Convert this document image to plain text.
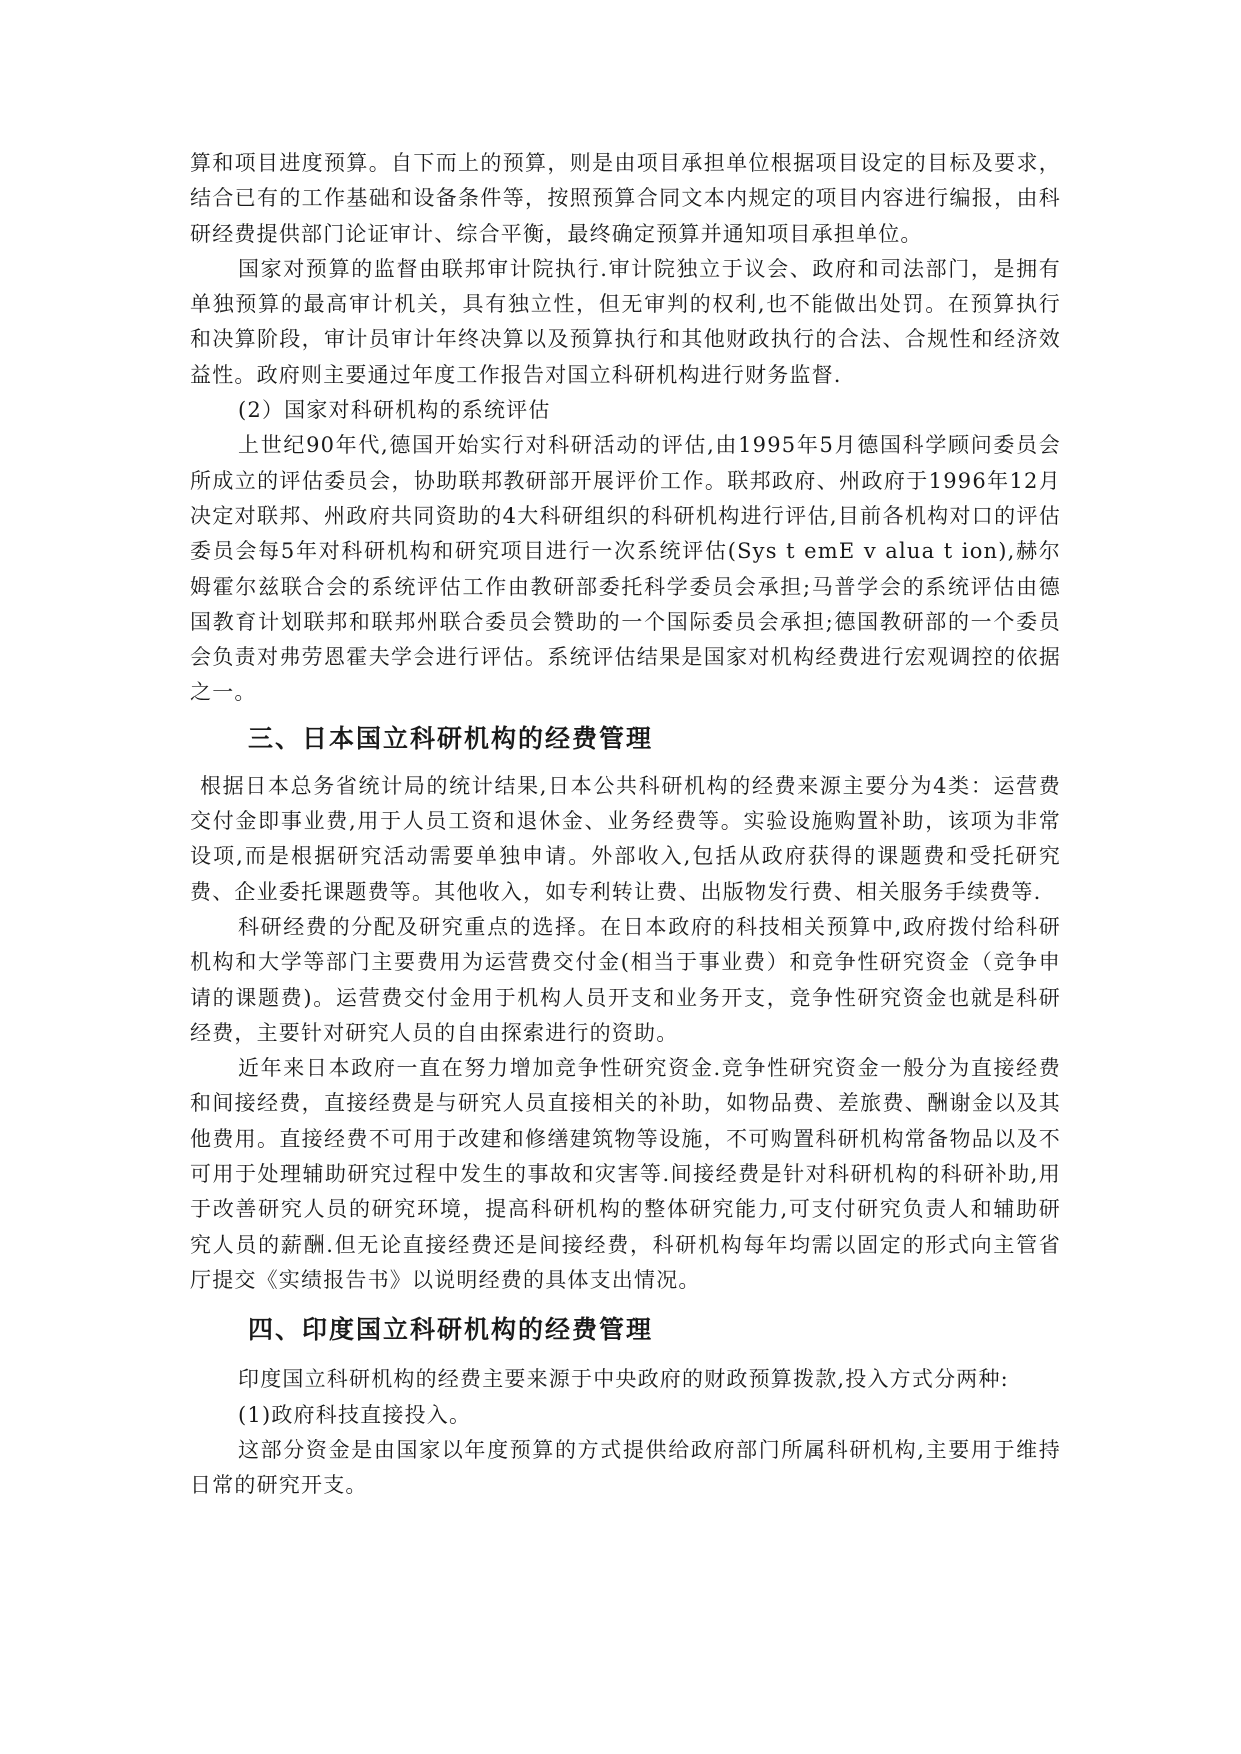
算和项目进度预算。自下而上的预算，则是由项目承担单位根据项目设定的目标及要求，结合已有的工作基础和设备条件等，按照预算合同文本内规定的项目内容进行编报，由科研经费提供部门论证审计、综合平衡，最终确定预算并通知项目承担单位。

国家对预算的监督由联邦审计院执行.审计院独立于议会、政府和司法部门，是拥有单独预算的最高审计机关，具有独立性，但无审判的权利,也不能做出处罚。在预算执行和决算阶段，审计员审计年终决算以及预算执行和其他财政执行的合法、合规性和经济效益性。政府则主要通过年度工作报告对国立科研机构进行财务监督.

(2）国家对科研机构的系统评估

上世纪90年代,德国开始实行对科研活动的评估,由1995年5月德国科学顾问委员会所成立的评估委员会，协助联邦教研部开展评价工作。联邦政府、州政府于1996年12月决定对联邦、州政府共同资助的4大科研组织的科研机构进行评估,目前各机构对口的评估委员会每5年对科研机构和研究项目进行一次系统评估(Sys t emE v alua t ion),赫尔姆霍尔兹联合会的系统评估工作由教研部委托科学委员会承担;马普学会的系统评估由德国教育计划联邦和联邦州联合委员会赞助的一个国际委员会承担;德国教研部的一个委员会负责对弗劳恩霍夫学会进行评估。系统评估结果是国家对机构经费进行宏观调控的依据之一。

三、日本国立科研机构的经费管理

根据日本总务省统计局的统计结果,日本公共科研机构的经费来源主要分为4类：运营费交付金即事业费,用于人员工资和退休金、业务经费等。实验设施购置补助，该项为非常设项,而是根据研究活动需要单独申请。外部收入,包括从政府获得的课题费和受托研究费、企业委托课题费等。其他收入，如专利转让费、出版物发行费、相关服务手续费等.

科研经费的分配及研究重点的选择。在日本政府的科技相关预算中,政府拨付给科研机构和大学等部门主要费用为运营费交付金(相当于事业费）和竞争性研究资金（竞争申请的课题费)。运营费交付金用于机构人员开支和业务开支，竞争性研究资金也就是科研经费，主要针对研究人员的自由探索进行的资助。

近年来日本政府一直在努力增加竞争性研究资金.竞争性研究资金一般分为直接经费和间接经费，直接经费是与研究人员直接相关的补助，如物品费、差旅费、酬谢金以及其他费用。直接经费不可用于改建和修缮建筑物等设施，不可购置科研机构常备物品以及不可用于处理辅助研究过程中发生的事故和灾害等.间接经费是针对科研机构的科研补助,用于改善研究人员的研究环境，提高科研机构的整体研究能力,可支付研究负责人和辅助研究人员的薪酬.但无论直接经费还是间接经费，科研机构每年均需以固定的形式向主管省厅提交《实绩报告书》以说明经费的具体支出情况。

四、印度国立科研机构的经费管理

印度国立科研机构的经费主要来源于中央政府的财政预算拨款,投入方式分两种:

(1)政府科技直接投入。

这部分资金是由国家以年度预算的方式提供给政府部门所属科研机构,主要用于维持日常的研究开支。
